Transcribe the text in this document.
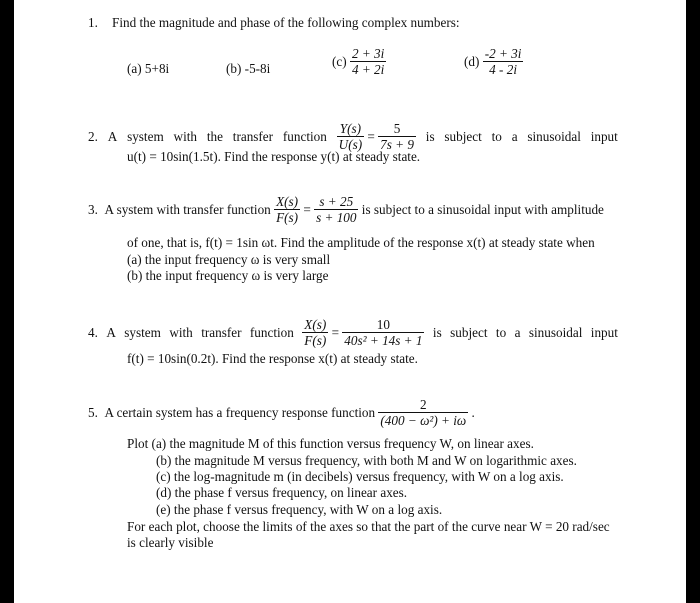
1. Find the magnitude and phase of the following complex numbers:
(a) 5+8i	(b) -5-8i	$(c) \frac{2 + 3i}{4 + 2i}$	$(d) \frac{-2 + 3i}{4 - 2i}$
2. A system with the transfer function $\frac{Y(s)}{U(s)} = \frac{5}{7s + 9}$ is subject to a sinusoidal input
u(t) = 10sin(1.5t). Find the response y(t) at steady state.
3. A system with transfer function $\frac{X(s)}{F(s)} = \frac{s + 25}{s + 100}$ is subject to a sinusoidal input with amplitude
of one, that is, f(t) = 1sin ωt. Find the amplitude of the response x(t) at steady state when
(a) the input frequency ω is very small
(b) the input frequency ω is very large
4. A system with transfer function $\frac{X(s)}{F(s)} = \frac{10}{\text{40s² + 14s + 1}}$ is subject to a sinusoidal input
f(t) = 10sin(0.2t). Find the response x(t) at steady state.
5. A certain system has a frequency response function $\frac{2}{\text{(400 − ω²) + iω}}$ .
Plot (a) the magnitude M of this function versus frequency W, on linear axes.
(b) the magnitude M versus frequency, with both M and W on logarithmic axes.
(c) the log-magnitude m (in decibels) versus frequency, with W on a log axis.
(d) the phase f versus frequency, on linear axes.
(e) the phase f versus frequency, with W on a log axis.
For each plot, choose the limits of the axes so that the part of the curve near W = 20 rad/sec
is clearly visible
